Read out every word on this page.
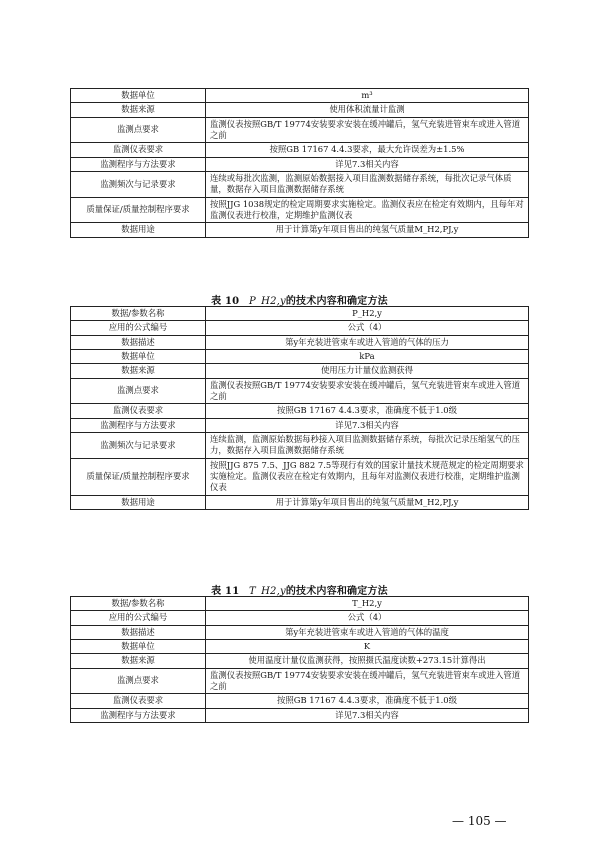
数据单位	m³
数据来源	使用体积流量计监测
监测点要求	监测仪表按照GB/T 19774安装要求安装在缓冲罐后，氢气充装进管束车或进入管道之前
监测仪表要求	按照GB 17167 4.4.3要求，最大允许误差为±1.5%
监测程序与方法要求	详见7.3相关内容
监测频次与记录要求	连续或每批次监测，监测原始数据接入项目监测数据储存系统，每批次记录气体质量，数据存入项目监测数据储存系统
质量保证/质量控制程序要求	按照JJG 1038规定的检定周期要求实施检定。监测仪表应在检定有效期内，且每年对监测仪表进行校准，定期维护监测仪表
数据用途	用于计算第y年项目售出的纯氢气质量M_H2,PJ,y
表 10 P_H2,y的技术内容和确定方法
数据/参数名称	P_H2,y
应用的公式编号	公式（4）
数据描述	第y年充装进管束车或进入管道的气体的压力
数据单位	kPa
数据来源	使用压力计量仪监测获得
监测点要求	监测仪表按照GB/T 19774安装要求安装在缓冲罐后，氢气充装进管束车或进入管道之前
监测仪表要求	按照GB 17167 4.4.3要求，准确度不低于1.0级
监测程序与方法要求	详见7.3相关内容
监测频次与记录要求	连续监测，监测原始数据每秒接入项目监测数据储存系统，每批次记录压缩氢气的压力，数据存入项目监测数据储存系统
质量保证/质量控制程序要求	按照JJG 875 7.5、JJG 882 7.5等现行有效的国家计量技术规范规定的检定周期要求实施检定。监测仪表应在检定有效期内，且每年对监测仪表进行校准，定期维护监测仪表
数据用途	用于计算第y年项目售出的纯氢气质量M_H2,PJ,y
表 11 T_H2,y的技术内容和确定方法
数据/参数名称	T_H2,y
应用的公式编号	公式（4）
数据描述	第y年充装进管束车或进入管道的气体的温度
数据单位	K
数据来源	使用温度计量仪监测获得，按照摄氏温度读数+273.15计算得出
监测点要求	监测仪表按照GB/T 19774安装要求安装在缓冲罐后，氢气充装进管束车或进入管道之前
监测仪表要求	按照GB 17167 4.4.3要求，准确度不低于1.0级
监测程序与方法要求	详见7.3相关内容
— 105 —
